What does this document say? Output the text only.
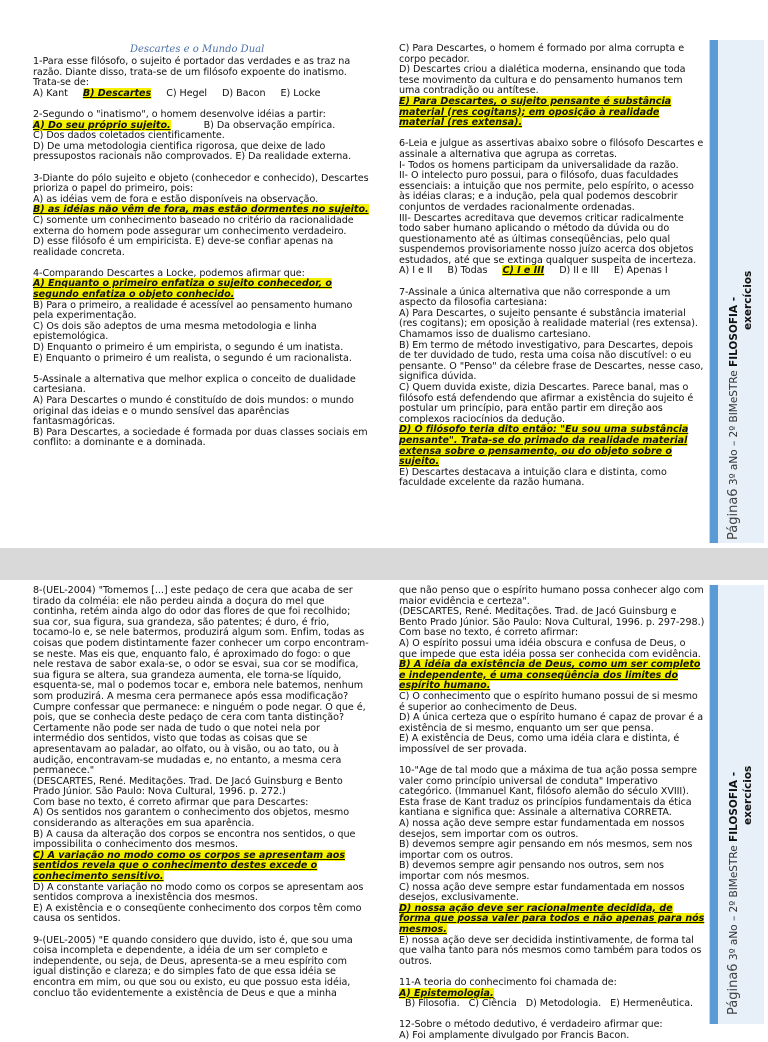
Descartes e o Mundo Dual

1-Para esse filósofo, o sujeito é portador das verdades e as traz na razão. Diante disso, trata-se de um filósofo expoente do inatismo. Trata-se de:

A) Kant B) Descartes C) Hegel D) Bacon E) Locke

2-Segundo o "inatismo", o homem desenvolve idéias a partir:

A) Do seu próprio sujeito.           B) Da observação empírica.

C) Dos dados coletados cientificamente.

D) De uma metodologia cientifica rigorosa, que deixe de lado pressupostos racionais não comprovados. E) Da realidade externa.

3-Diante do pólo sujeito e objeto (conhecedor e conhecido), Descartes prioriza o papel do primeiro, pois:

A) as idéias vem de fora e estão disponíveis na observação.

B) as idéias não vêm de fora, mas estão dormentes no sujeito.

C) somente um conhecimento baseado no critério da racionalidade externa do homem pode assegurar um conhecimento verdadeiro.

D) esse filósofo é um empiricista. E) deve-se confiar apenas na realidade concreta.

4-Comparando Descartes a Locke, podemos afirmar que:

A) Enquanto o primeiro enfatiza o sujeito conhecedor, o segundo enfatiza o objeto conhecido.

B) Para o primeiro, a realidade é acessível ao pensamento humano pela experimentação.

C) Os dois são adeptos de uma mesma metodologia e linha epistemológica.

D) Enquanto o primeiro é um empirista, o segundo é um inatista.

E) Enquanto o primeiro é um realista, o segundo é um racionalista.

5-Assinale a alternativa que melhor explica o conceito de dualidade cartesiana.

A) Para Descartes o mundo é constituído de dois mundos: o mundo original das ideias e o mundo sensível das aparências fantasmagóricas.

B) Para Descartes, a sociedade é formada por duas classes sociais em conflito: a dominante e a dominada.

C) Para Descartes, o homem é formado por alma corrupta e corpo pecador.

D) Descartes criou a dialética moderna, ensinando que toda tese movimento da cultura e do pensamento humanos tem uma contradição ou antítese.

E) Para Descartes, o sujeito pensante é substância material (res cogitans); em oposição à realidade material (res extensa).

6-Leia e julgue as assertivas abaixo sobre o filósofo Descartes e assinale a alternativa que agrupa as corretas.

I- Todos os homens participam da universalidade da razão.

II- O intelecto puro possui, para o filósofo, duas faculdades essenciais: a intuição que nos permite, pelo espírito, o acesso às idéias claras; e a indução, pela qual podemos descobrir conjuntos de verdades racionalmente ordenadas.

III- Descartes acreditava que devemos criticar radicalmente todo saber humano aplicando o método da dúvida ou do questionamento até as últimas conseqüências, pelo qual suspendemos provisoriamente nosso juízo acerca dos objetos estudados, até que se extinga qualquer suspeita de incerteza.

A) I e II B) Todas C) I e III D) II e III E) Apenas I

7-Assinale a única alternativa que não corresponde a um aspecto da filosofia cartesiana:

A) Para Descartes, o sujeito pensante é substância imaterial (res cogitans); em oposição à realidade material (res extensa). Chamamos isso de dualismo cartesiano.

B) Em termo de método investigativo, para Descartes, depois de ter duvidado de tudo, resta uma coisa não discutível: o eu pensante. O "Penso" da célebre frase de Descartes, nesse caso, significa dúvida.

C) Quem duvida existe, dizia Descartes. Parece banal, mas o filósofo está defendendo que afirmar a existência do sujeito é postular um princípio, para então partir em direção aos complexos raciocínios da dedução.

D) O filósofo teria dito então: "Eu sou uma substância pensante". Trata-se do primado da realidade material extensa sobre o pensamento, ou do objeto sobre o sujeito.

E) Descartes destacava a intuição clara e distinta, como faculdade excelente da razão humana.

Página6 3º aNo – 2º BIMeSTRe FILOSOFIA - exercícios

8-(UEL-2004) "Tomemos [...] este pedaço de cera que acaba de ser tirado da colméia: ele não perdeu ainda a doçura do mel que continha, retém ainda algo do odor das flores de que foi recolhido; sua cor, sua figura, sua grandeza, são patentes; é duro, é frio, tocamo-lo e, se nele batermos, produzirá algum som. Enfim, todas as coisas que podem distintamente fazer conhecer um corpo encontram-se neste. Mas eis que, enquanto falo, é aproximado do fogo: o que nele restava de sabor exala-se, o odor se esvai, sua cor se modifica, sua figura se altera, sua grandeza aumenta, ele torna-se líquido, esquenta-se, mal o podemos tocar e, embora nele batemos, nenhum som produzirá. A mesma cera permanece após essa modificação? Cumpre confessar que permanece: e ninguém o pode negar. O que é, pois, que se conhecia deste pedaço de cera com tanta distinção? Certamente não pode ser nada de tudo o que notei nela por intermédio dos sentidos, visto que todas as coisas que se apresentavam ao paladar, ao olfato, ou à visão, ou ao tato, ou à audição, encontravam-se mudadas e, no entanto, a mesma cera permanece."

(DESCARTES, René. Meditações. Trad. De Jacó Guinsburg e Bento Prado Júnior. São Paulo: Nova Cultural, 1996. p. 272.)

Com base no texto, é correto afirmar que para Descartes:

A) Os sentidos nos garantem o conhecimento dos objetos, mesmo considerando as alterações em sua aparência.

B) A causa da alteração dos corpos se encontra nos sentidos, o que impossibilita o conhecimento dos mesmos.

C) A variação no modo como os corpos se apresentam aos sentidos revela que o conhecimento destes excede o conhecimento sensitivo.

D) A constante variação no modo como os corpos se apresentam aos sentidos comprova a inexistência dos mesmos.

E) A existência e o conseqüente conhecimento dos corpos têm como causa os sentidos.

9-(UEL-2005) "E quando considero que duvido, isto é, que sou uma coisa incompleta e dependente, a idéia de um ser completo e independente, ou seja, de Deus, apresenta-se a meu espírito com igual distinção e clareza; e do simples fato de que essa idéia se encontra em mim, ou que sou ou existo, eu que possuo esta idéia, concluo tão evidentemente a existência de Deus e que a minha

que não penso que o espírito humano possa conhecer algo com maior evidência e certeza".

(DESCARTES, René. Meditações. Trad. de Jacó Guinsburg e Bento Prado Júnior. São Paulo: Nova Cultural, 1996. p. 297-298.)

Com base no texto, é correto afirmar:

A) O espírito possui uma idéia obscura e confusa de Deus, o que impede que esta idéia possa ser conhecida com evidência.

B) A idéia da existência de Deus, como um ser completo e independente, é uma conseqüência dos limites do espírito humano.

C) O conhecimento que o espírito humano possui de si mesmo é superior ao conhecimento de Deus.

D) A única certeza que o espírito humano é capaz de provar é a existência de si mesmo, enquanto um ser que pensa.

E) A existência de Deus, como uma idéia clara e distinta, é impossível de ser provada.

10-"Age de tal modo que a máxima de tua ação possa sempre valer como princípio universal de conduta" Imperativo categórico. (Immanuel Kant, filósofo alemão do século XVIII).

Esta frase de Kant traduz os princípios fundamentais da ética kantiana e significa que: Assinale a alternativa CORRETA.

A) nossa ação deve sempre estar fundamentada em nossos desejos, sem importar com os outros.

B) devemos sempre agir pensando em nós mesmos, sem nos importar com os outros.

B) devemos sempre agir pensando nos outros, sem nos importar com nós mesmos.

C) nossa ação deve sempre estar fundamentada em nossos desejos, exclusivamente.

D) nossa ação deve ser racionalmente decidida, de forma que possa valer para todos e não apenas para nós mesmos.

E) nossa ação deve ser decidida instintivamente, de forma tal que valha tanto para nós mesmos como também para todos os outros.

11-A teoria do conhecimento foi chamada de:

A) Epistemologia.  B) Filosofia.   C) Ciência   D) Metodologia.   E) Hermenêutica.

12-Sobre o método dedutivo, é verdadeiro afirmar que:

A) Foi amplamente divulgado por Francis Bacon.

Página6 3º aNo – 2º BIMeSTRe FILOSOFIA - exercícios
